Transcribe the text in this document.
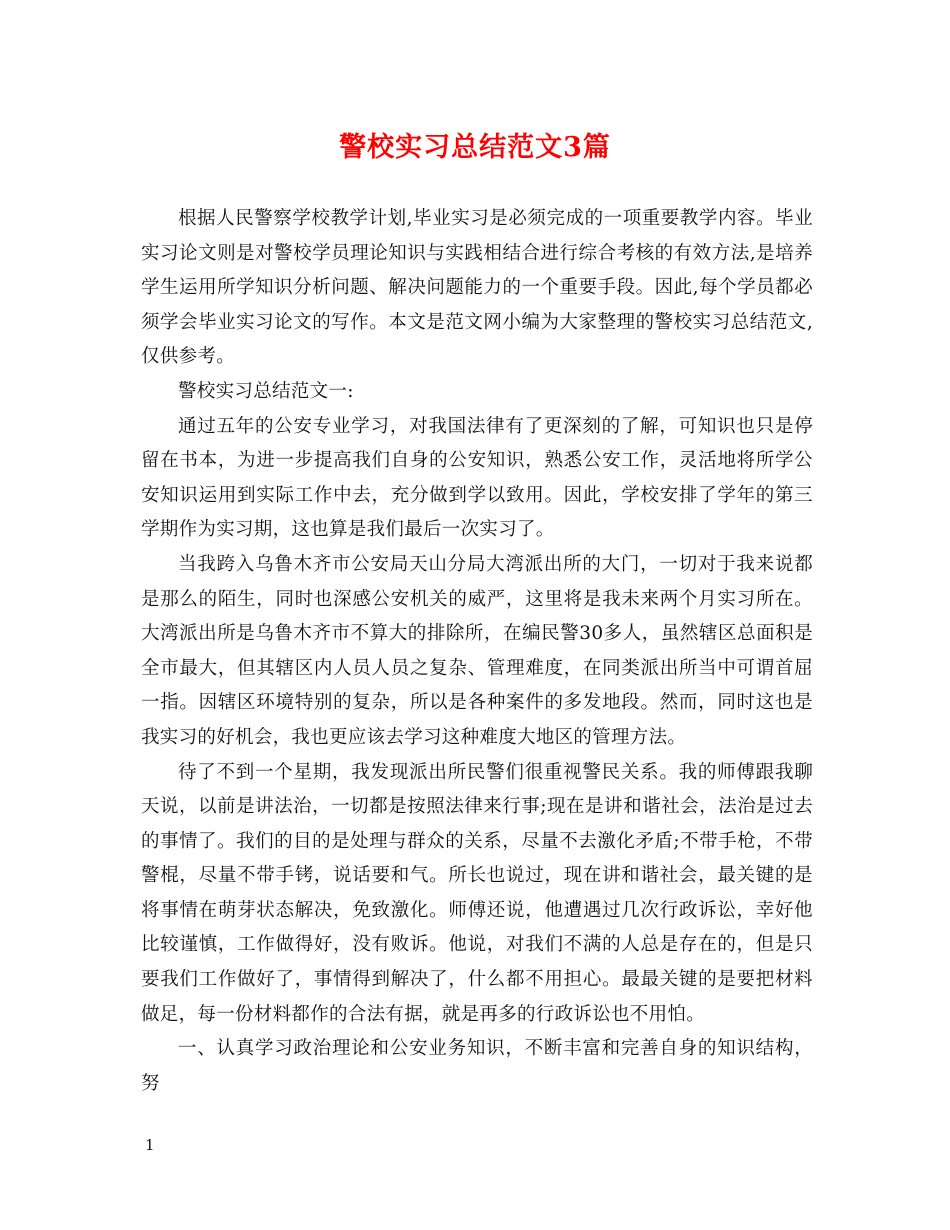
警校实习总结范文3篇

根据人民警察学校教学计划,毕业实习是必须完成的一项重要教学内容。毕业实习论文则是对警校学员理论知识与实践相结合进行综合考核的有效方法,是培养学生运用所学知识分析问题、解决问题能力的一个重要手段。因此,每个学员都必须学会毕业实习论文的写作。本文是范文网小编为大家整理的警校实习总结范文,仅供参考。

警校实习总结范文一:

通过五年的公安专业学习，对我国法律有了更深刻的了解，可知识也只是停留在书本，为进一步提高我们自身的公安知识，熟悉公安工作，灵活地将所学公安知识运用到实际工作中去，充分做到学以致用。因此，学校安排了学年的第三学期作为实习期，这也算是我们最后一次实习了。

当我跨入乌鲁木齐市公安局天山分局大湾派出所的大门，一切对于我来说都是那么的陌生，同时也深感公安机关的威严，这里将是我未来两个月实习所在。大湾派出所是乌鲁木齐市不算大的排除所，在编民警30多人，虽然辖区总面积是全市最大，但其辖区内人员人员之复杂、管理难度，在同类派出所当中可谓首屈一指。因辖区环境特别的复杂，所以是各种案件的多发地段。然而，同时这也是我实习的好机会，我也更应该去学习这种难度大地区的管理方法。

待了不到一个星期，我发现派出所民警们很重视警民关系。我的师傅跟我聊天说，以前是讲法治，一切都是按照法律来行事;现在是讲和谐社会，法治是过去的事情了。我们的目的是处理与群众的关系，尽量不去激化矛盾;不带手枪，不带警棍，尽量不带手铐，说话要和气。所长也说过，现在讲和谐社会，最关键的是将事情在萌芽状态解决，免致激化。师傅还说，他遭遇过几次行政诉讼，幸好他比较谨慎，工作做得好，没有败诉。他说，对我们不满的人总是存在的，但是只要我们工作做好了，事情得到解决了，什么都不用担心。最最关键的是要把材料做足，每一份材料都作的合法有据，就是再多的行政诉讼也不用怕。

一、认真学习政治理论和公安业务知识，不断丰富和完善自身的知识结构，努

1
